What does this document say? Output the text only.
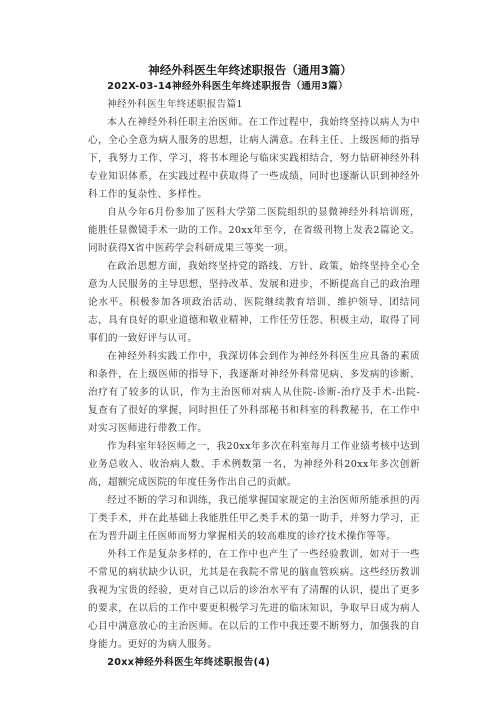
神经外科医生年终述职报告（通用3篇）

202X-03-14神经外科医生年终述职报告（通用3篇）

神经外科医生年终述职报告篇1

本人在神经外科任职主治医师。在工作过程中，我始终坚持以病人为中心，全心全意为病人服务的思想，让病人满意。在科主任、上级医师的指导下，我努力工作、学习，将书本理论与临床实践相结合，努力钻研神经外科专业知识体系，在实践过程中获取得了一些成绩，同时也逐渐认识到神经外科工作的复杂性、多样性。

自从今年6月份参加了医科大学第二医院组织的显微神经外科培训班，能胜任显微镜手术一助的工作。20xx年至今，在省级刊物上发表2篇论文。同时获得X省中医药学会科研成果三等奖一项。

在政治思想方面，我始终坚持党的路线、方针、政策，始终坚持全心全意为人民服务的主导思想，坚持改革、发展和进步，不断提高自己的政治理论水平。积极参加各项政治活动、医院继续教育培训、维护领导、团结同志，具有良好的职业道德和敬业精神，工作任劳任怨、积极主动，取得了同事们的一致好评与认可。

在神经外科实践工作中，我深切体会到作为神经外科医生应具备的素质和条件，在上级医师的指导下，我逐渐对神经外科常见病、多发病的诊断、治疗有了较多的认识，作为主治医师对病人从住院-诊断-治疗及手术-出院-复查有了很好的掌握，同时担任了外科部秘书和科室的科教秘书，在工作中对实习医师进行带教工作。

作为科室年轻医师之一，我20xx年多次在科室每月工作业绩考核中达到业务总收入、收治病人数、手术例数第一名，为神经外科20xx年多次创新高，超额完成医院的年度任务作出自己的贡献。

经过不断的学习和训练，我已能掌握国家规定的主治医师所能承担的丙丁类手术，并在此基础上我能胜任甲乙类手术的第一助手，并努力学习，正在为晋升副主任医师而努力掌握相关的较高难度的诊疗技术操作等等。

外科工作是复杂多样的，在工作中也产生了一些经验教训，如对于一些不常见的病状缺少认识，尤其是在我院不常见的脑血管疾病。这些经历教训我视为宝贵的经验，更对自己以后的诊治水平有了清醒的认识，提出了更多的要求，在以后的工作中要更积极学习先进的临床知识，争取早日成为病人心目中满意放心的主治医师。在以后的工作中我还要不断努力，加强我的自身能力。更好的为病人服务。

20xx神经外科医生年终述职报告(4)
